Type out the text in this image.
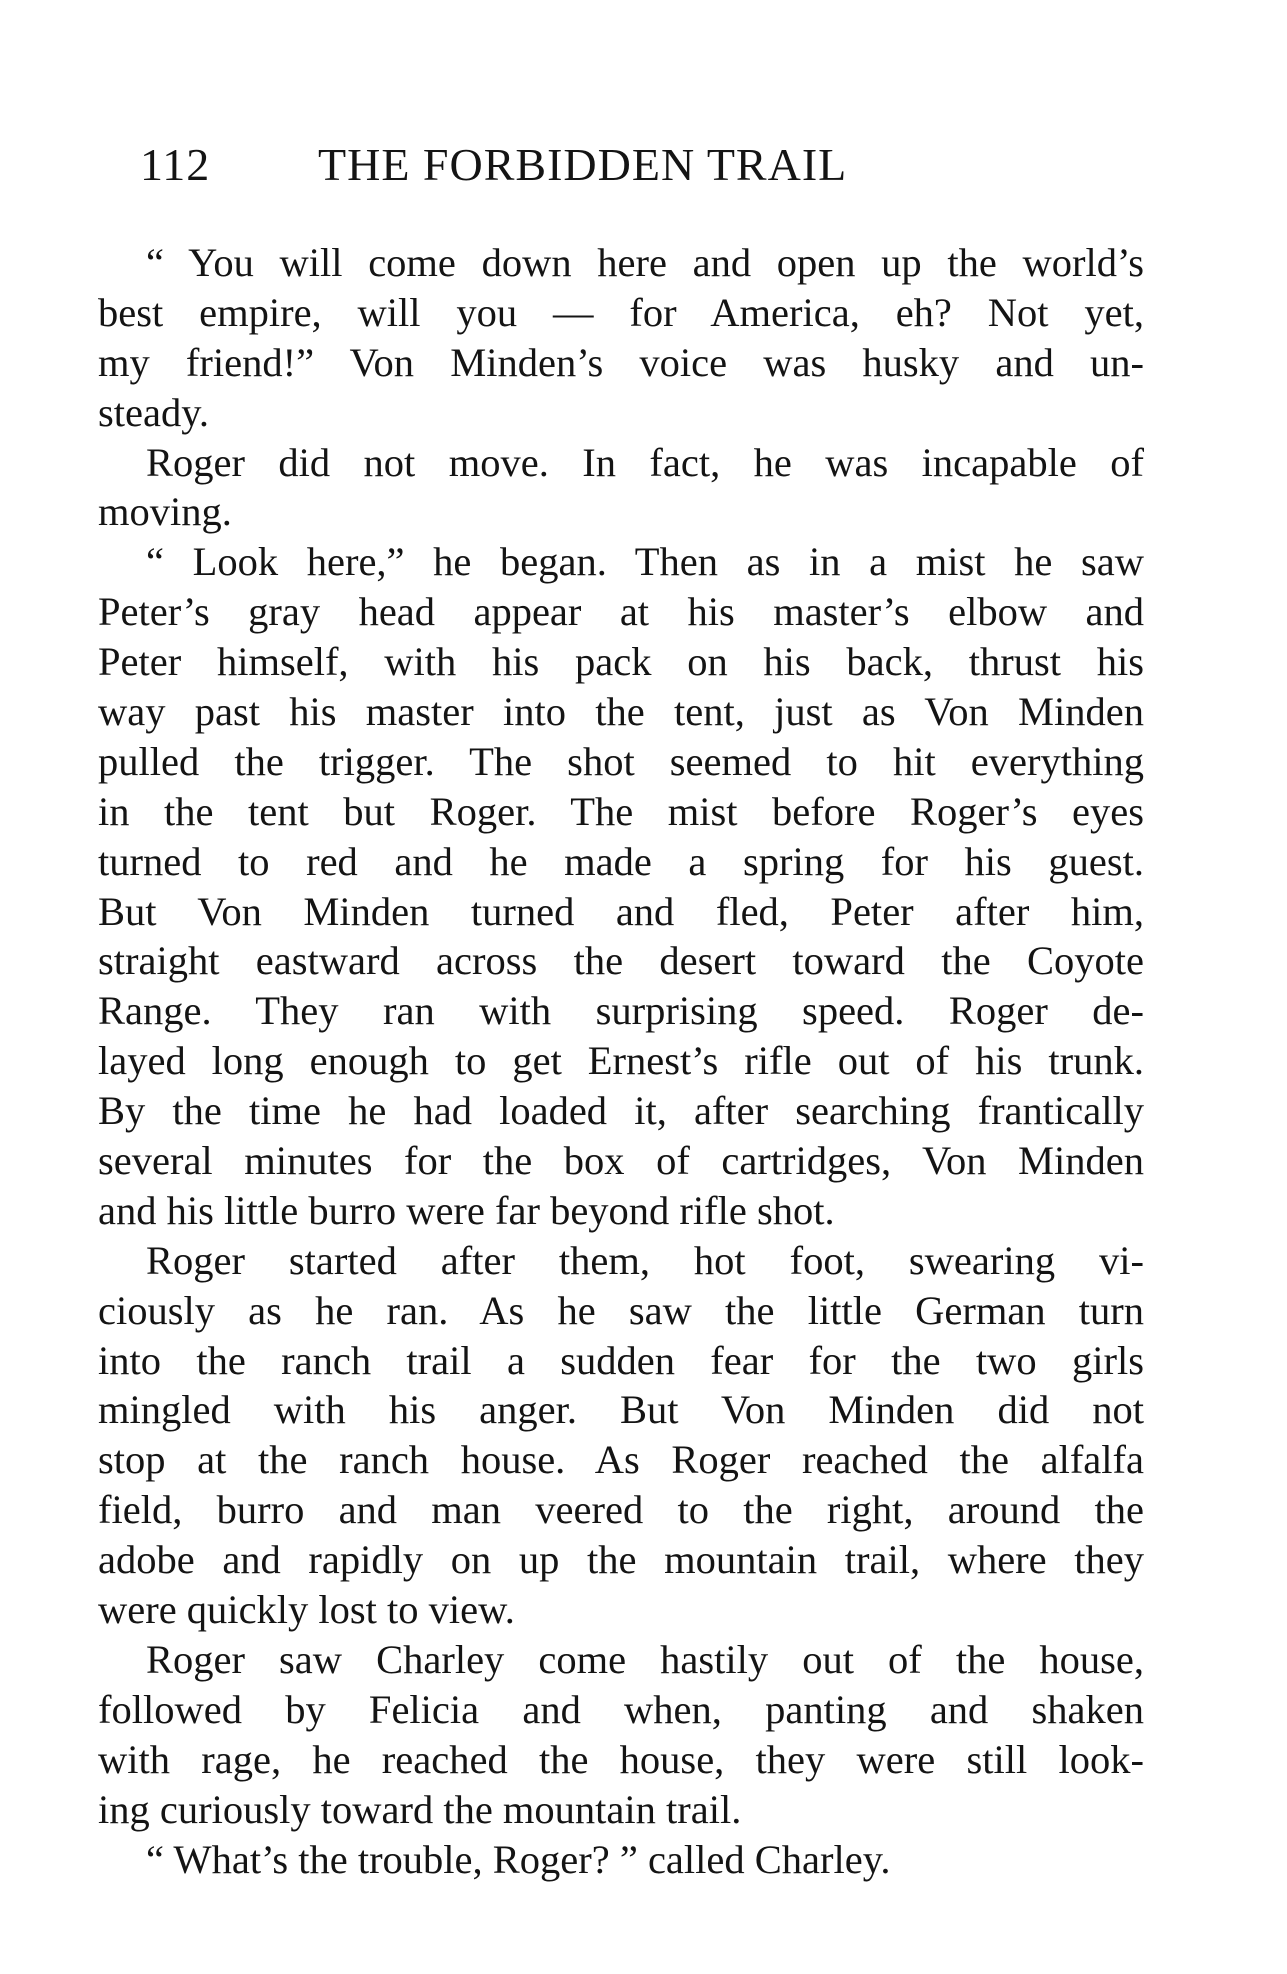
112 THE FORBIDDEN TRAIL
“ You will come down here and open up the world’s
best empire, will you — for America, eh? Not yet,
my friend!” Von Minden’s voice was husky and un-
steady.
Roger did not move. In fact, he was incapable of
moving.
“ Look here,” he began. Then as in a mist he saw
Peter’s gray head appear at his master’s elbow and
Peter himself, with his pack on his back, thrust his
way past his master into the tent, just as Von Minden
pulled the trigger. The shot seemed to hit everything
in the tent but Roger. The mist before Roger’s eyes
turned to red and he made a spring for his guest.
But Von Minden turned and fled, Peter after him,
straight eastward across the desert toward the Coyote
Range. They ran with surprising speed. Roger de-
layed long enough to get Ernest’s rifle out of his trunk.
By the time he had loaded it, after searching frantically
several minutes for the box of cartridges, Von Minden
and his little burro were far beyond rifle shot.
Roger started after them, hot foot, swearing vi-
ciously as he ran. As he saw the little German turn
into the ranch trail a sudden fear for the two girls
mingled with his anger. But Von Minden did not
stop at the ranch house. As Roger reached the alfalfa
field, burro and man veered to the right, around the
adobe and rapidly on up the mountain trail, where they
were quickly lost to view.
Roger saw Charley come hastily out of the house,
followed by Felicia and when, panting and shaken
with rage, he reached the house, they were still look-
ing curiously toward the mountain trail.
“ What’s the trouble, Roger? ” called Charley.
